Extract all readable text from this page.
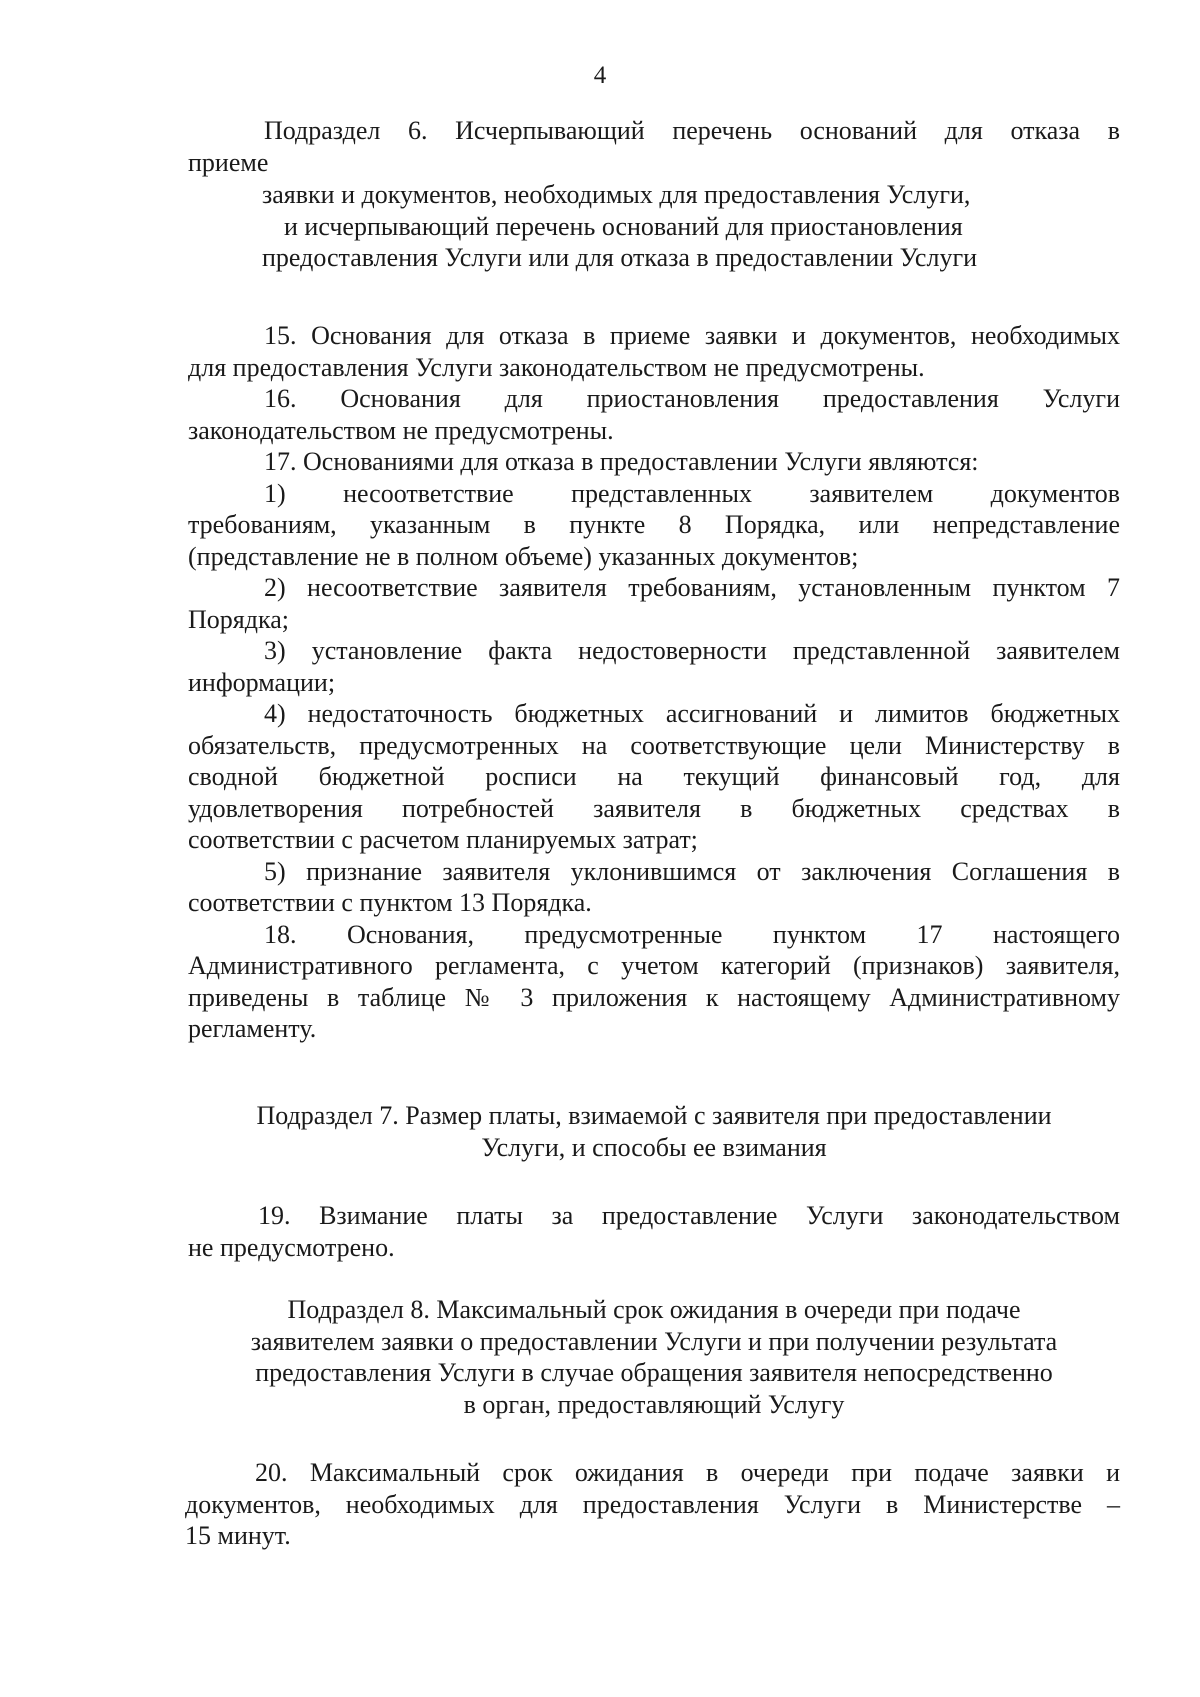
4
Подраздел 6. Исчерпывающий перечень оснований для отказа в
приеме
заявки и документов, необходимых для предоставления Услуги,
и исчерпывающий перечень оснований для приостановления
предоставления Услуги или для отказа в предоставлении Услуги
15. Основания для отказа в приеме заявки и документов, необходимых
для предоставления Услуги законодательством не предусмотрены.
16. Основания для приостановления предоставления Услуги
законодательством не предусмотрены.
17. Основаниями для отказа в предоставлении Услуги являются:
1) несоответствие представленных заявителем документов
требованиям, указанным в пункте 8 Порядка, или непредставление
(представление не в полном объеме) указанных документов;
2) несоответствие заявителя требованиям, установленным пунктом 7
Порядка;
3) установление факта недостоверности представленной заявителем
информации;
4) недостаточность бюджетных ассигнований и лимитов бюджетных
обязательств, предусмотренных на соответствующие цели Министерству в
сводной бюджетной росписи на текущий финансовый год, для
удовлетворения потребностей заявителя в бюджетных средствах в
соответствии с расчетом планируемых затрат;
5) признание заявителя уклонившимся от заключения Соглашения в
соответствии с пунктом 13 Порядка.
18. Основания, предусмотренные пунктом 17 настоящего
Административного регламента, с учетом категорий (признаков) заявителя,
приведены в таблице № 3 приложения к настоящему Административному
регламенту.
Подраздел 7. Размер платы, взимаемой с заявителя при предоставлении
Услуги, и способы ее взимания
19. Взимание платы за предоставление Услуги законодательством
не предусмотрено.
Подраздел 8. Максимальный срок ожидания в очереди при подаче
заявителем заявки о предоставлении Услуги и при получении результата
предоставления Услуги в случае обращения заявителя непосредственно
в орган, предоставляющий Услугу
20. Максимальный срок ожидания в очереди при подаче заявки и
документов, необходимых для предоставления Услуги в Министерстве –
15 минут.
